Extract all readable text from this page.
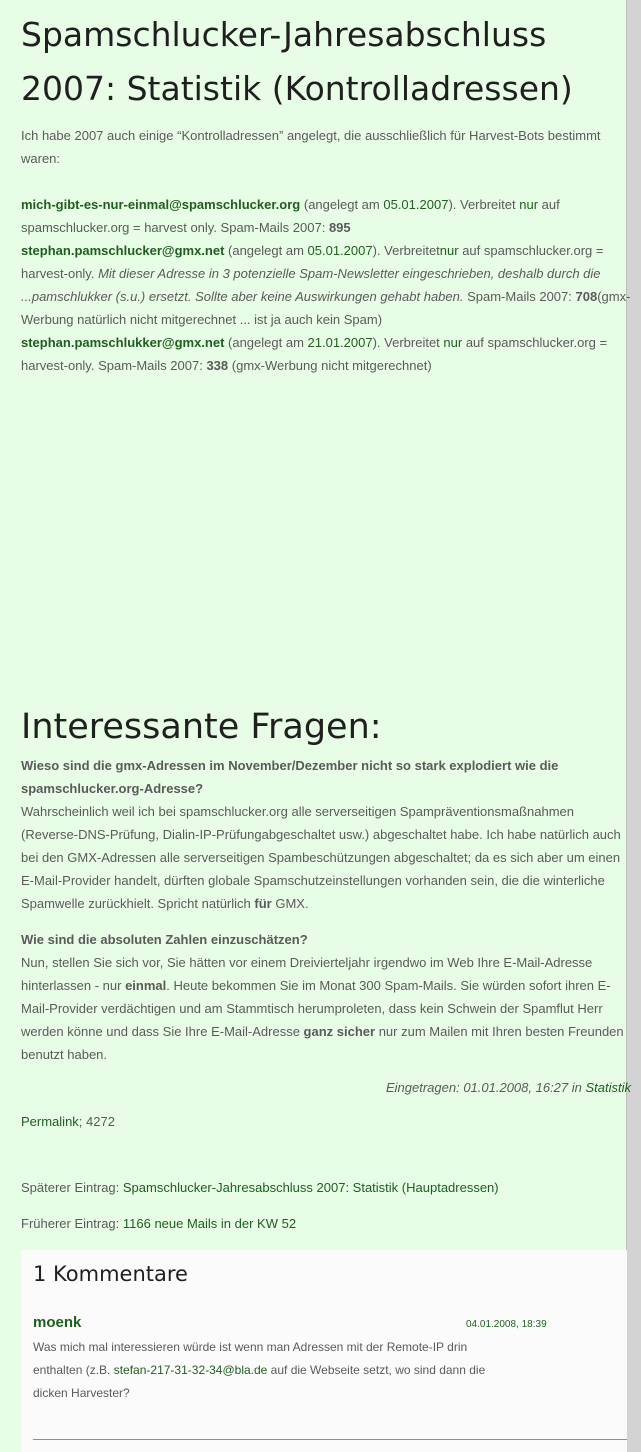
Spamschlucker-Jahresabschluss
2007: Statistik (Kontrolladressen)

Ich habe 2007 auch einige “Kontrolladressen” angelegt, die ausschließlich für Harvest-Bots bestimmt
waren:

mich-gibt-es-nur-einmal@spamschlucker.org (angelegt am 05.01.2007). Verbreitet nur auf
spamschlucker.org = harvest only. Spam-Mails 2007: 895
stephan.pamschlucker@gmx.net (angelegt am 05.01.2007). Verbreitetnur auf spamschlucker.org =
harvest-only. Mit dieser Adresse in 3 potenzielle Spam-Newsletter eingeschrieben, deshalb durch die
...pamschlukker (s.u.) ersetzt. Sollte aber keine Auswirkungen gehabt haben. Spam-Mails 2007: 708(gmx-
Werbung natürlich nicht mitgerechnet ... ist ja auch kein Spam)
stephan.pamschlukker@gmx.net (angelegt am 21.01.2007). Verbreitet nur auf spamschlucker.org =
harvest-only. Spam-Mails 2007: 338 (gmx-Werbung nicht mitgerechnet)
Interessante Fragen:
Wieso sind die gmx-Adressen im November/Dezember nicht so stark explodiert wie die
spamschlucker.org-Adresse?
Wahrscheinlich weil ich bei spamschlucker.org alle serverseitigen Spampräventionsmaßnahmen
(Reverse-DNS-Prüfung, Dialin-IP-Prüfungabgeschaltet usw.) abgeschaltet habe. Ich habe natürlich auch
bei den GMX-Adressen alle serverseitigen Spambeschützungen abgeschaltet; da es sich aber um einen
E-Mail-Provider handelt, dürften globale Spamschutzeinstellungen vorhanden sein, die die winterliche
Spamwelle zurückhielt. Spricht natürlich für GMX.
Wie sind die absoluten Zahlen einzuschätzen?
Nun, stellen Sie sich vor, Sie hätten vor einem Dreivierteljahr irgendwo im Web Ihre E-Mail-Adresse
hinterlassen - nur einmal. Heute bekommen Sie im Monat 300 Spam-Mails. Sie würden sofort ihren E-
Mail-Provider verdächtigen und am Stammtisch herumproleten, dass kein Schwein der Spamflut Herr
werden könne und dass Sie Ihre E-Mail-Adresse ganz sicher nur zum Mailen mit Ihren besten Freunden
benutzt haben.
Eingetragen: 01.01.2008, 16:27 in Statistik
Permalink; 4272
Späterer Eintrag: Spamschlucker-Jahresabschluss 2007: Statistik (Hauptadressen)
Früherer Eintrag: 1166 neue Mails in der KW 52
1 Kommentare
moenk	04.01.2008, 18:39
Was mich mal interessieren würde ist wenn man Adressen mit der Remote-IP drin
enthalten (z.B. stefan-217-31-32-34@bla.de auf die Webseite setzt, wo sind dann die
dicken Harvester?
